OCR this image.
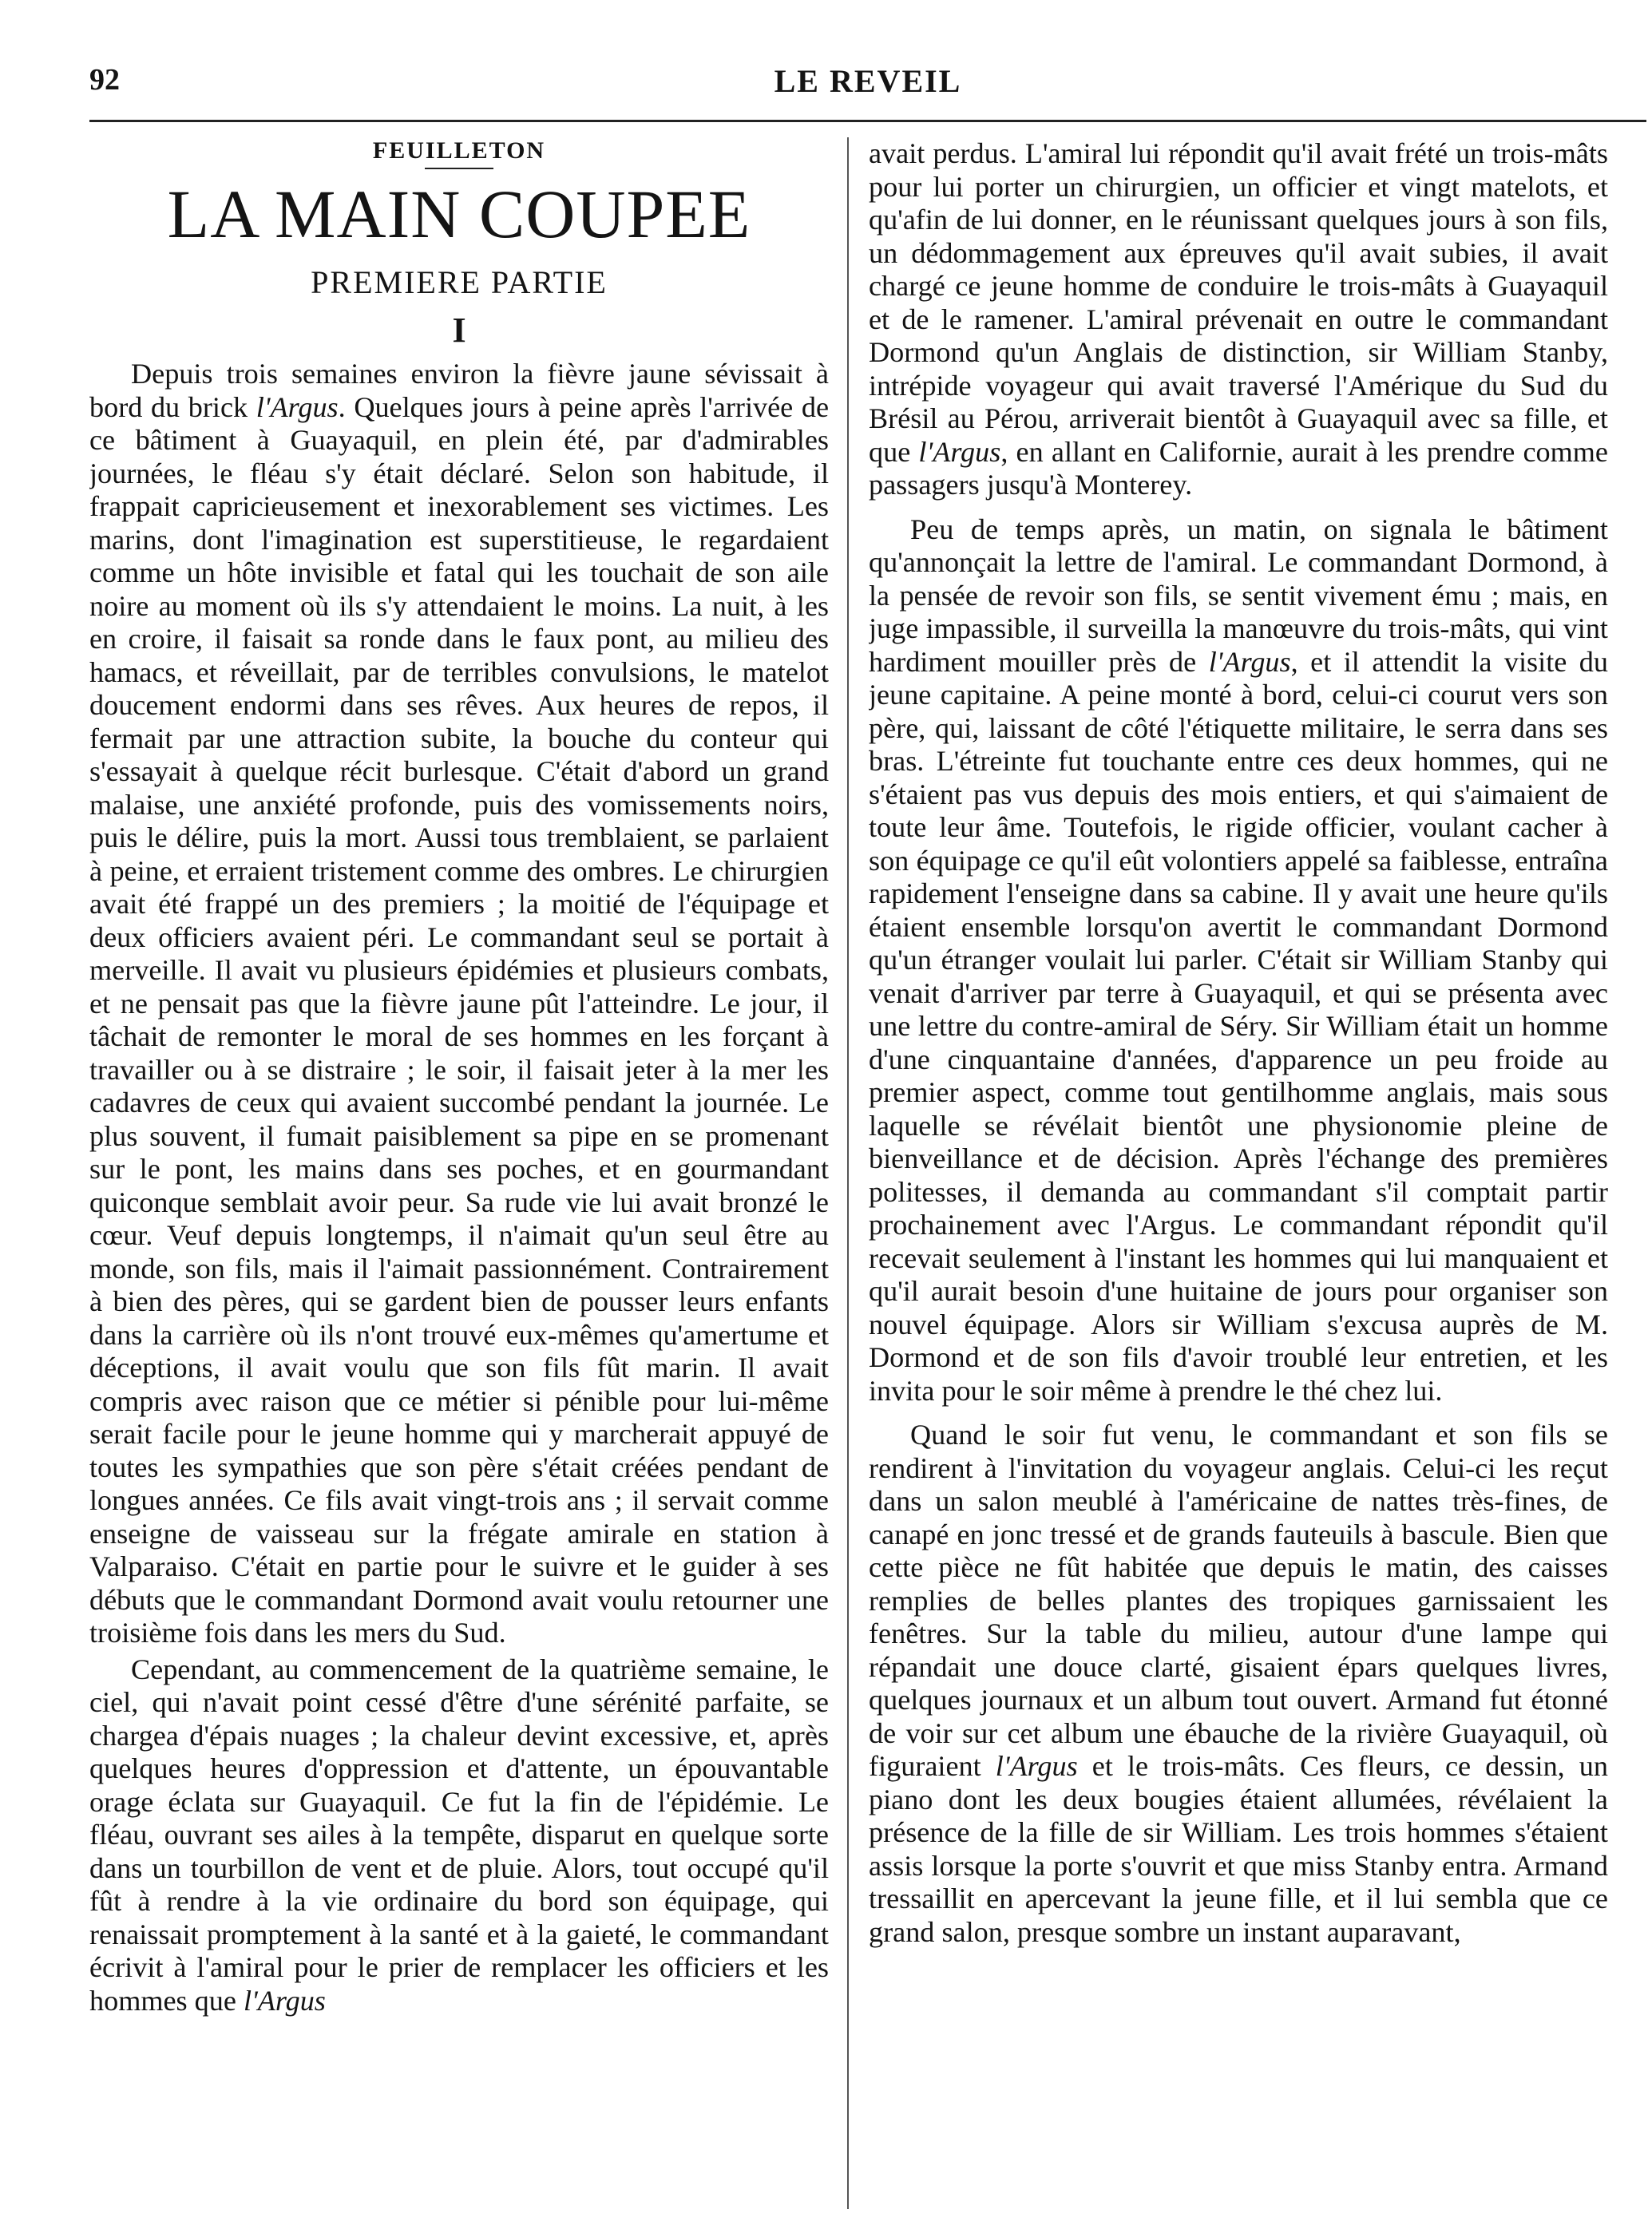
92	LE REVEIL
FEUILLETON
LA MAIN COUPEE
PREMIERE PARTIE
I

Depuis trois semaines environ la fièvre jaune sévissait à bord du brick l'Argus. Quelques jours à peine après l'arrivée de ce bâtiment à Guayaquil, en plein été, par d'admirables journées, le fléau s'y était déclaré. Selon son habitude, il frappait capricieusement et inexorablement ses victimes. Les marins, dont l'imagination est superstitieuse, le regardaient comme un hôte invisible et fatal qui les touchait de son aile noire au moment où ils s'y attendaient le moins. La nuit, à les en croire, il faisait sa ronde dans le faux pont, au milieu des hamacs, et réveillait, par de terribles convulsions, le matelot doucement endormi dans ses rêves. Aux heures de repos, il fermait par une attraction subite, la bouche du conteur qui s'essayait à quelque récit burlesque. C'était d'abord un grand malaise, une anxiété profonde, puis des vomissements noirs, puis le délire, puis la mort. Aussi tous tremblaient, se parlaient à peine, et erraient tristement comme des ombres. Le chirurgien avait été frappé un des premiers ; la moitié de l'équipage et deux officiers avaient péri. Le commandant seul se portait à merveille. Il avait vu plusieurs épidémies et plusieurs combats, et ne pensait pas que la fièvre jaune pût l'atteindre. Le jour, il tâchait de remonter le moral de ses hommes en les forçant à travailler ou à se distraire ; le soir, il faisait jeter à la mer les cadavres de ceux qui avaient succombé pendant la journée. Le plus souvent, il fumait paisiblement sa pipe en se promenant sur le pont, les mains dans ses poches, et en gourmandant quiconque semblait avoir peur. Sa rude vie lui avait bronzé le cœur. Veuf depuis longtemps, il n'aimait qu'un seul être au monde, son fils, mais il l'aimait passionnément. Contrairement à bien des pères, qui se gardent bien de pousser leurs enfants dans la carrière où ils n'ont trouvé eux-mêmes qu'amertume et déceptions, il avait voulu que son fils fût marin. Il avait compris avec raison que ce métier si pénible pour lui-même serait facile pour le jeune homme qui y marcherait appuyé de toutes les sympathies que son père s'était créées pendant de longues années. Ce fils avait vingt-trois ans ; il servait comme enseigne de vaisseau sur la frégate amirale en station à Valparaiso. C'était en partie pour le suivre et le guider à ses débuts que le commandant Dormond avait voulu retourner une troisième fois dans les mers du Sud.

Cependant, au commencement de la quatrième semaine, le ciel, qui n'avait point cessé d'être d'une sérénité parfaite, se chargea d'épais nuages ; la chaleur devint excessive, et, après quelques heures d'oppression et d'attente, un épouvantable orage éclata sur Guayaquil. Ce fut la fin de l'épidémie. Le fléau, ouvrant ses ailes à la tempête, disparut en quelque sorte dans un tourbillon de vent et de pluie. Alors, tout occupé qu'il fût à rendre à la vie ordinaire du bord son équipage, qui renaissait promptement à la santé et à la gaieté, le commandant écrivit à l'amiral pour le prier de remplacer les officiers et les hommes que l'Argus

avait perdus. L'amiral lui répondit qu'il avait frété un trois-mâts pour lui porter un chirurgien, un officier et vingt matelots, et qu'afin de lui donner, en le réunissant quelques jours à son fils, un dédommagement aux épreuves qu'il avait subies, il avait chargé ce jeune homme de conduire le trois-mâts à Guayaquil et de le ramener. L'amiral prévenait en outre le commandant Dormond qu'un Anglais de distinction, sir William Stanby, intrépide voyageur qui avait traversé l'Amérique du Sud du Brésil au Pérou, arriverait bientôt à Guayaquil avec sa fille, et que l'Argus, en allant en Californie, aurait à les prendre comme passagers jusqu'à Monterey.

Peu de temps après, un matin, on signala le bâtiment qu'annonçait la lettre de l'amiral. Le commandant Dormond, à la pensée de revoir son fils, se sentit vivement ému ; mais, en juge impassible, il surveilla la manœuvre du trois-mâts, qui vint hardiment mouiller près de l'Argus, et il attendit la visite du jeune capitaine. A peine monté à bord, celui-ci courut vers son père, qui, laissant de côté l'étiquette militaire, le serra dans ses bras. L'étreinte fut touchante entre ces deux hommes, qui ne s'étaient pas vus depuis des mois entiers, et qui s'aimaient de toute leur âme. Toutefois, le rigide officier, voulant cacher à son équipage ce qu'il eût volontiers appelé sa faiblesse, entraîna rapidement l'enseigne dans sa cabine. Il y avait une heure qu'ils étaient ensemble lorsqu'on avertit le commandant Dormond qu'un étranger voulait lui parler. C'était sir William Stanby qui venait d'arriver par terre à Guayaquil, et qui se présenta avec une lettre du contre-amiral de Séry. Sir William était un homme d'une cinquantaine d'années, d'apparence un peu froide au premier aspect, comme tout gentilhomme anglais, mais sous laquelle se révélait bientôt une physionomie pleine de bienveillance et de décision. Après l'échange des premières politesses, il demanda au commandant s'il comptait partir prochainement avec l'Argus. Le commandant répondit qu'il recevait seulement à l'instant les hommes qui lui manquaient et qu'il aurait besoin d'une huitaine de jours pour organiser son nouvel équipage. Alors sir William s'excusa auprès de M. Dormond et de son fils d'avoir troublé leur entretien, et les invita pour le soir même à prendre le thé chez lui.

Quand le soir fut venu, le commandant et son fils se rendirent à l'invitation du voyageur anglais. Celui-ci les reçut dans un salon meublé à l'américaine de nattes très-fines, de canapé en jonc tressé et de grands fauteuils à bascule. Bien que cette pièce ne fût habitée que depuis le matin, des caisses remplies de belles plantes des tropiques garnissaient les fenêtres. Sur la table du milieu, autour d'une lampe qui répandait une douce clarté, gisaient épars quelques livres, quelques journaux et un album tout ouvert. Armand fut étonné de voir sur cet album une ébauche de la rivière Guayaquil, où figuraient l'Argus et le trois-mâts. Ces fleurs, ce dessin, un piano dont les deux bougies étaient allumées, révélaient la présence de la fille de sir William. Les trois hommes s'étaient assis lorsque la porte s'ouvrit et que miss Stanby entra. Armand tressaillit en apercevant la jeune fille, et il lui sembla que ce grand salon, presque sombre un instant auparavant,
